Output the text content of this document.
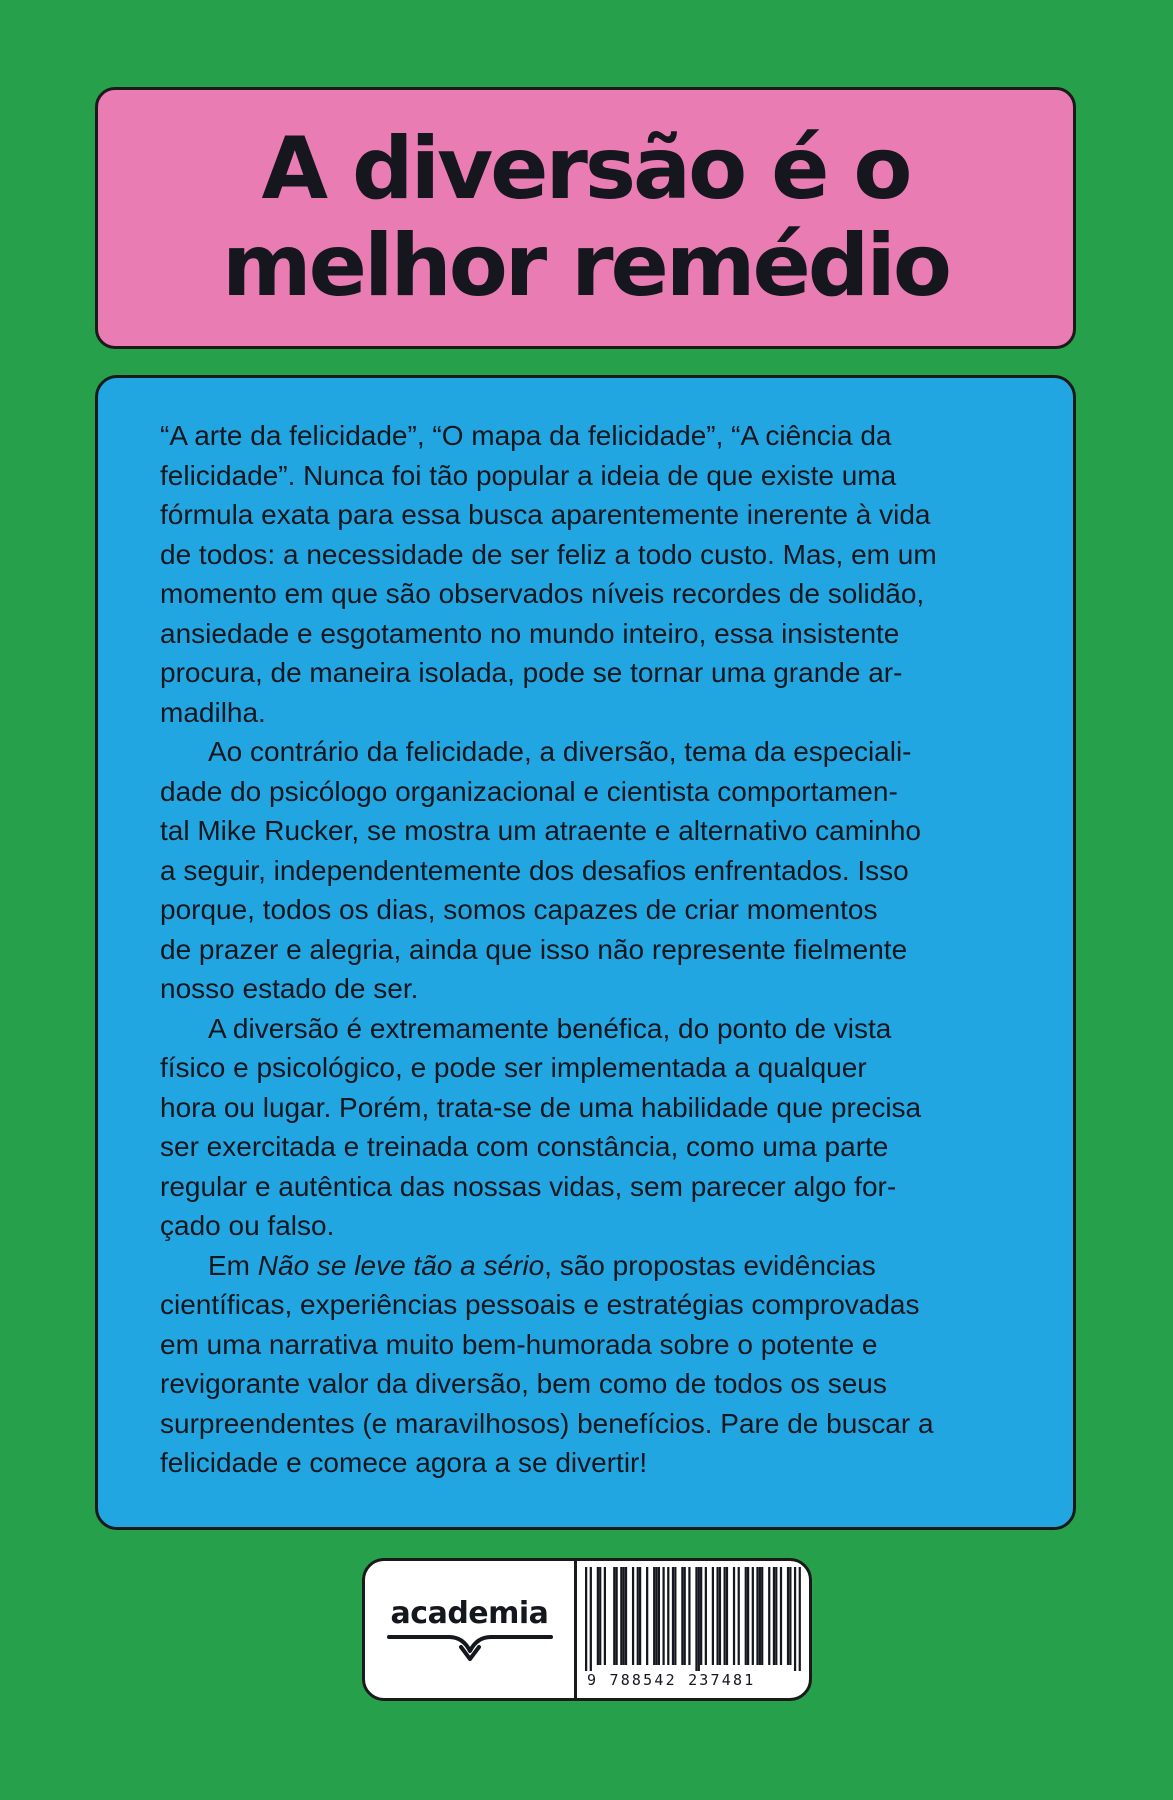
A diversão é o
melhor remédio
“A arte da felicidade”, “O mapa da felicidade”, “A ciência da
felicidade”. Nunca foi tão popular a ideia de que existe uma
fórmula exata para essa busca aparentemente inerente à vida
de todos: a necessidade de ser feliz a todo custo. Mas, em um
momento em que são observados níveis recordes de solidão,
ansiedade e esgotamento no mundo inteiro, essa insistente
procura, de maneira isolada, pode se tornar uma grande ar-
madilha.
Ao contrário da felicidade, a diversão, tema da especiali-
dade do psicólogo organizacional e cientista comportamen-
tal Mike Rucker, se mostra um atraente e alternativo caminho
a seguir, independentemente dos desafios enfrentados. Isso
porque, todos os dias, somos capazes de criar momentos
de prazer e alegria, ainda que isso não represente fielmente
nosso estado de ser.
A diversão é extremamente benéfica, do ponto de vista
físico e psicológico, e pode ser implementada a qualquer
hora ou lugar. Porém, trata-se de uma habilidade que precisa
ser exercitada e treinada com constância, como uma parte
regular e autêntica das nossas vidas, sem parecer algo for-
çado ou falso.
Em Não se leve tão a sério, são propostas evidências
científicas, experiências pessoais e estratégias comprovadas
em uma narrativa muito bem-humorada sobre o potente e
revigorante valor da diversão, bem como de todos os seus
surpreendentes (e maravilhosos) benefícios. Pare de buscar a
felicidade e comece agora a se divertir!
academia
9 788542 237481
